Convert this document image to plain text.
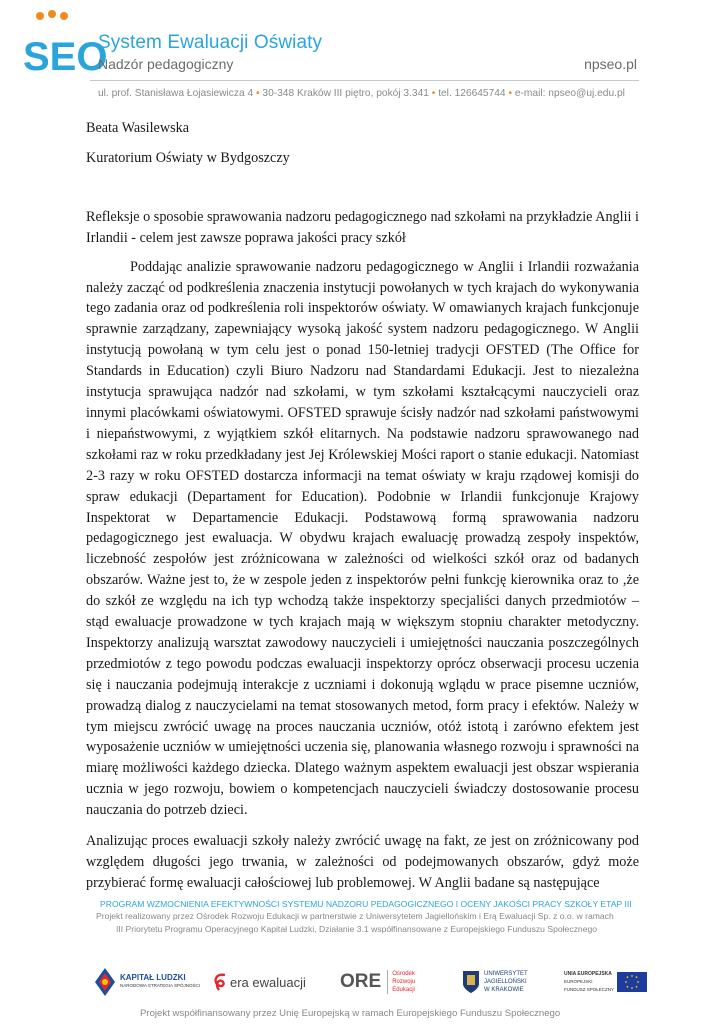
SEO
System Ewaluacji Oświaty
Nadzór pedagogiczny	npseo.pl
ul. prof. Stanisława Łojasiewicza 4 • 30-348 Kraków III piętro, pokój 3.341 • tel. 126645744 • e-mail: npseo@uj.edu.pl

Beata Wasilewska

Kuratorium Oświaty w Bydgoszczy

Refleksje o sposobie sprawowania nadzoru pedagogicznego nad szkołami na przykładzie Anglii i Irlandii - celem jest zawsze poprawa jakości pracy szkół

Poddając analizie sprawowanie nadzoru pedagogicznego w Anglii i Irlandii rozważania należy zacząć od podkreślenia znaczenia instytucji powołanych w tych krajach do wykonywania tego zadania oraz od podkreślenia roli inspektorów oświaty. W omawianych krajach funkcjonuje sprawnie zarządzany, zapewniający wysoką jakość system nadzoru pedagogicznego. W Anglii instytucją powołaną w tym celu jest o ponad 150-letniej tradycji OFSTED (The Office for Standards in Education) czyli Biuro Nadzoru nad Standardami Edukacji. Jest to niezależna instytucja sprawująca nadzór nad szkołami, w tym szkołami kształcącymi nauczycieli oraz innymi placówkami oświatowymi. OFSTED sprawuje ścisły nadzór nad szkołami państwowymi i niepaństwowymi, z wyjątkiem szkół elitarnych. Na podstawie nadzoru sprawowanego nad szkołami raz w roku przedkładany jest Jej Królewskiej Mości raport o stanie edukacji. Natomiast 2-3 razy w roku OFSTED dostarcza informacji na temat oświaty w kraju rządowej komisji do spraw edukacji (Departament for Education). Podobnie w Irlandii funkcjonuje Krajowy Inspektorat w Departamencie Edukacji. Podstawową formą sprawowania nadzoru pedagogicznego jest ewaluacja. W obydwu krajach ewaluację prowadzą zespoły inspektów, liczebność zespołów jest zróżnicowana w zależności od wielkości szkół oraz od badanych obszarów. Ważne jest to, że w zespole jeden z inspektorów pełni funkcję kierownika oraz to ,że do szkół ze względu na ich typ wchodzą także inspektorzy specjaliści danych przedmiotów – stąd ewaluacje prowadzone w tych krajach mają w większym stopniu charakter metodyczny. Inspektorzy analizują warsztat zawodowy nauczycieli i umiejętności nauczania poszczególnych przedmiotów z tego powodu podczas ewaluacji inspektorzy oprócz obserwacji procesu uczenia się i nauczania podejmują interakcje z uczniami i dokonują wglądu w prace pisemne uczniów, prowadzą dialog z nauczycielami na temat stosowanych metod, form pracy i efektów. Należy w tym miejscu zwrócić uwagę na proces nauczania uczniów, otóż istotą i zarówno efektem jest wyposażenie uczniów w umiejętności uczenia się, planowania własnego rozwoju i sprawności na miarę możliwości każdego dziecka. Dlatego ważnym aspektem ewaluacji jest obszar wspierania ucznia w jego rozwoju, bowiem o kompetencjach nauczycieli świadczy dostosowanie procesu nauczania do potrzeb dzieci.

Analizując proces ewaluacji szkoły należy zwrócić uwagę na fakt, ze jest on zróżnicowany pod względem długości jego trwania, w zależności od podejmowanych obszarów, gdyż może przybierać formę ewaluacji całościowej lub problemowej. W Anglii badane są następujące

PROGRAM WZMOCNIENIA EFEKTYWNOŚCI SYSTEMU NADZORU PEDAGOGICZNEGO I OCENY JAKOŚCI PRACY SZKOŁY ETAP III
Projekt realizowany przez Ośrodek Rozwoju Edukacji w partnerstwie z Uniwersytetem Jagiellońskim i Erą Ewaluacji Sp. z o.o. w ramach
III Priorytetu Programu Operacyjnego Kapitał Ludzki, Działanie 3.1 współfinansowane z Europejskiego Funduszu Społecznego
KAPITAŁ LUDZKI
NARODOWA STRATEGIA SPÓJNOŚCI era ewaluacji ORE Ośrodek
Rozwoju
Edukacji
UNIWERSYTET
JAGIELLOŃSKI
W KRAKOWIE
UNIA EUROPEJSKA
EUROPEJSKI
FUNDUSZ SPOŁECZNY
Projekt współfinansowany przez Unię Europejską w ramach Europejskiego Funduszu Społecznego
